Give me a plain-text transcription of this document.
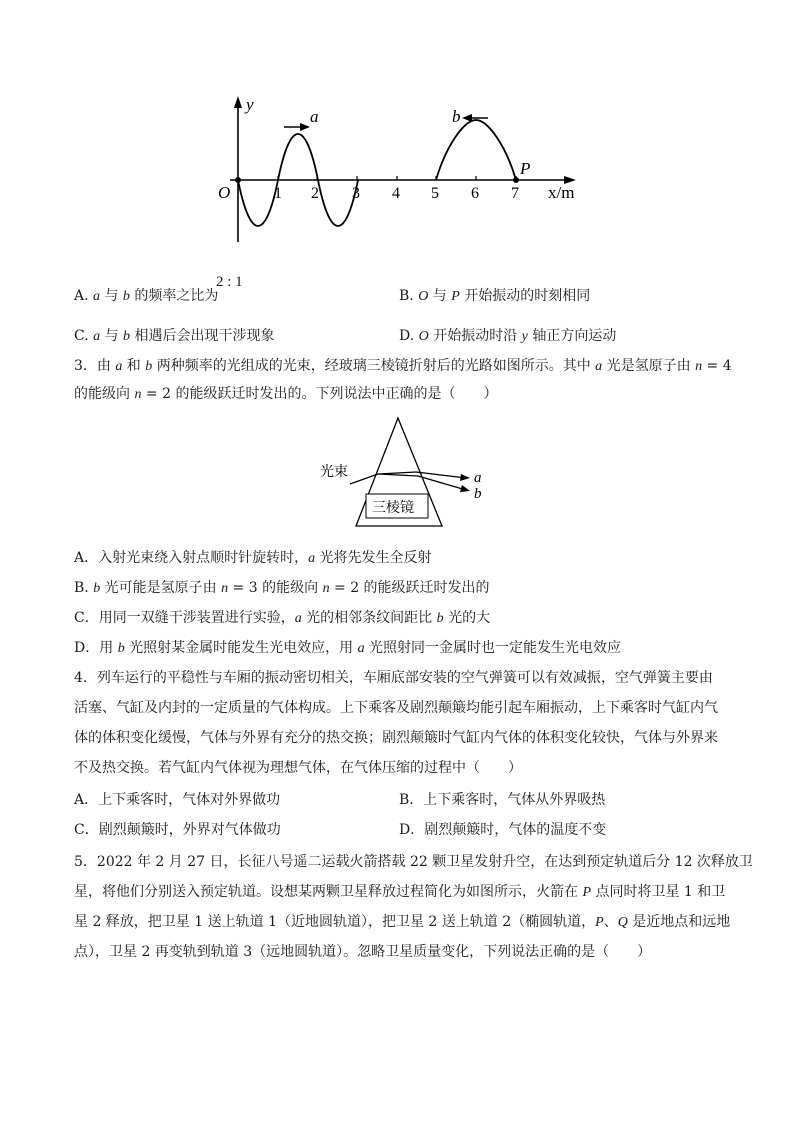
y
O
a	b
P
x/m
1 2 3 4 5 6 7
A. a 与 b 的频率之比为
2 : 1
B. O 与 P 开始振动的时刻相同
C. a 与 b 相遇后会出现干涉现象	D. O 开始振动时沿 y 轴正方向运动
3．由 a 和 b 两种频率的光组成的光束，经玻璃三棱镜折射后的光路如图所示。其中 a 光是氢原子由 n = 4
的能级向 n = 2 的能级跃迁时发出的。下列说法中正确的是（　　）
三棱镜
光束	a
b
A．入射光束绕入射点顺时针旋转时，a 光将先发生全反射
B. b 光可能是氢原子由 n = 3 的能级向 n = 2 的能级跃迁时发出的
C．用同一双缝干涉装置进行实验，a 光的相邻条纹间距比 b 光的大
D．用 b 光照射某金属时能发生光电效应，用 a 光照射同一金属时也一定能发生光电效应
4．列车运行的平稳性与车厢的振动密切相关，车厢底部安装的空气弹簧可以有效减振，空气弹簧主要由
活塞、气缸及内封的一定质量的气体构成。上下乘客及剧烈颠簸均能引起车厢振动，上下乘客时气缸内气
体的体积变化缓慢，气体与外界有充分的热交换；剧烈颠簸时气缸内气体的体积变化较快，气体与外界来
不及热交换。若气缸内气体视为理想气体，在气体压缩的过程中（　　）
A．上下乘客时，气体对外界做功	B．上下乘客时，气体从外界吸热
C．剧烈颠簸时，外界对气体做功	D．剧烈颠簸时，气体的温度不变
5．2022 年 2 月 27 日，长征八号遥二运载火箭搭载 22 颗卫星发射升空，在达到预定轨道后分 12 次释放卫
星，将他们分别送入预定轨道。设想某两颗卫星释放过程简化为如图所示，火箭在 P 点同时将卫星 1 和卫
星 2 释放，把卫星 1 送上轨道 1（近地圆轨道），把卫星 2 送上轨道 2（椭圆轨道，P、Q 是近地点和远地
点），卫星 2 再变轨到轨道 3（远地圆轨道）。忽略卫星质量变化，下列说法正确的是（　　）
